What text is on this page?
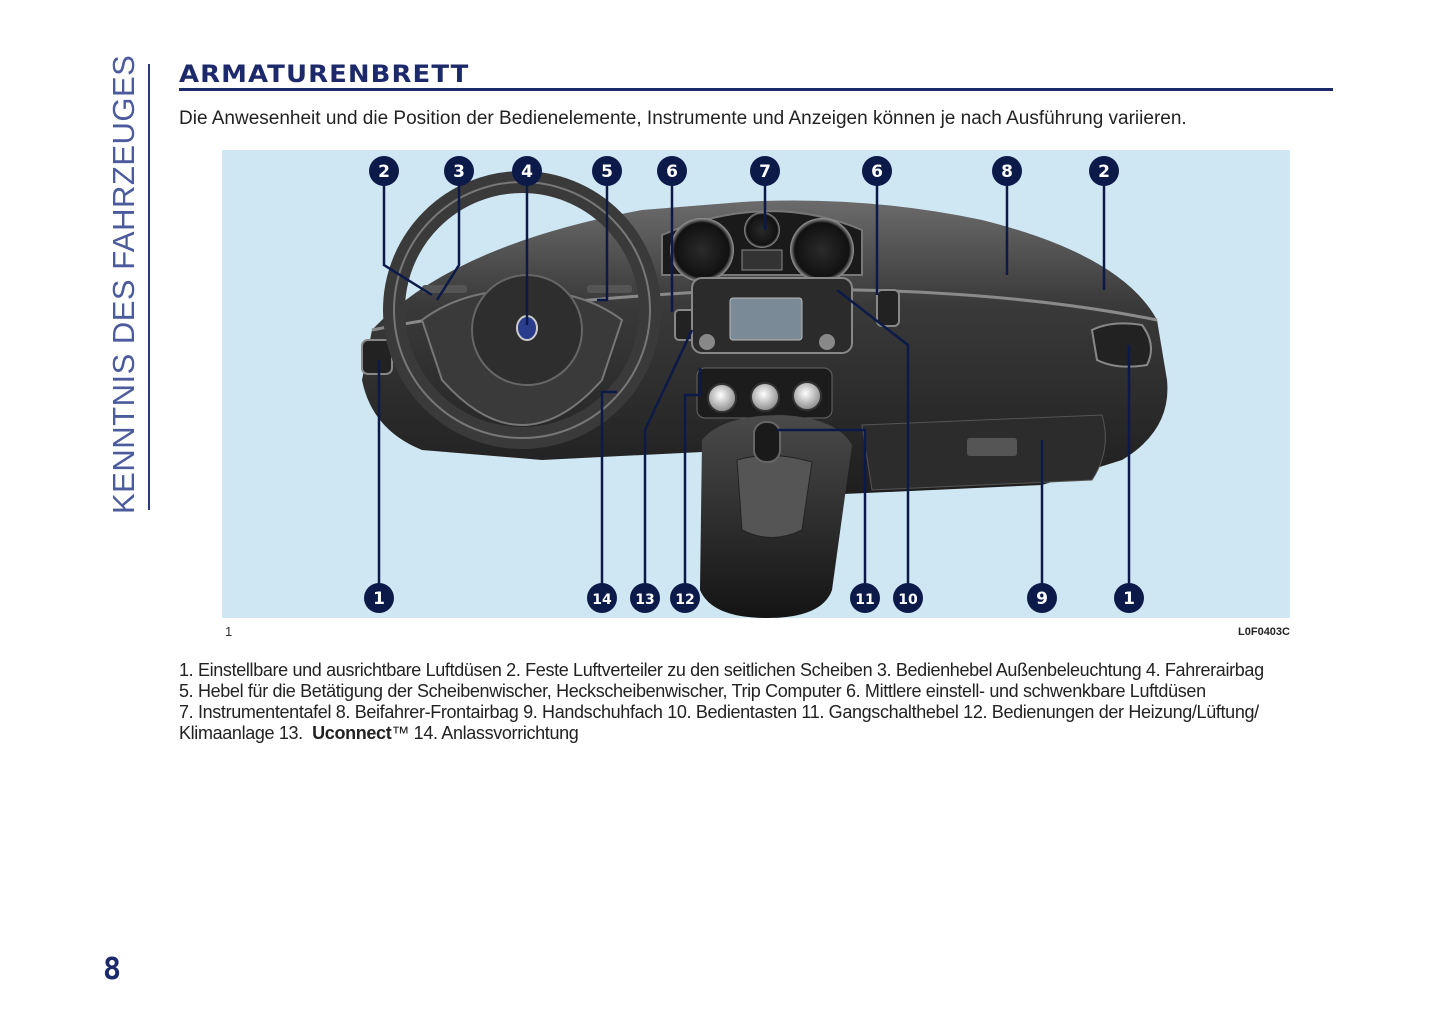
KENNTNIS DES FAHRZEUGES ARMATURENBRETT
Die Anwesenheit und die Position der Bedienelemente, Instrumente und Anzeigen können je nach Ausführung variieren.
2	3	4	5	6	7	6	8	2
1	14 13 12	11 10	9	1
1	L0F0403C

1. Einstellbare und ausrichtbare Luftdüsen 2. Feste Luftverteiler zu den seitlichen Scheiben 3. Bedienhebel Außenbeleuchtung 4. Fahrerairbag

5. Hebel für die Betätigung der Scheibenwischer, Heckscheibenwischer, Trip Computer 6. Mittlere einstell- und schwenkbare Luftdüsen

7. Instrumententafel 8. Beifahrer-Frontairbag 9. Handschuhfach 10. Bedientasten 11. Gangschalthebel 12. Bedienungen der Heizung/Lüftung/

Klimaanlage 13. Uconnect™ 14. Anlassvorrichtung

8
